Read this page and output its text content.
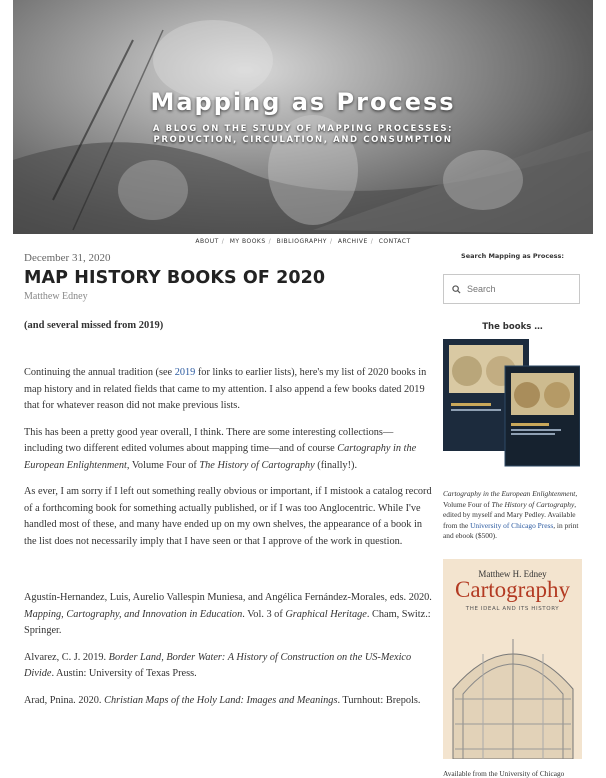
Mapping as Process
A BLOG ON THE STUDY OF MAPPING PROCESSES:
PRODUCTION, CIRCULATION, AND CONSUMPTION
ABOUT / MY BOOKS / BIBLIOGRAPHY / ARCHIVE / CONTACT

December 31, 2020

MAP HISTORY BOOKS OF 2020

Matthew Edney

(and several missed from 2019)

Continuing the annual tradition (see 2019 for links to earlier lists), here's my list of 2020 books in map history and in related fields that came to my attention. I also append a few books dated 2019 that for whatever reason did not make previous lists.

This has been a pretty good year overall, I think. There are some interesting collections—including two different edited volumes about mapping time—and of course Cartography in the European Enlightenment, Volume Four of The History of Cartography (finally!).

As ever, I am sorry if I left out something really obvious or important, if I mistook a catalog record of a forthcoming book for something actually published, or if I was too Anglocentric. While I've handled most of these, and many have ended up on my own shelves, the appearance of a book in the list does not necessarily imply that I have seen or that I approve of the work in question.

Agustín-Hernandez, Luis, Aurelio Vallespin Muniesa, and Angélica Fernández-Morales, eds. 2020. Mapping, Cartography, and Innovation in Education. Vol. 3 of Graphical Heritage. Cham, Switz.: Springer.

Alvarez, C. J. 2019. Border Land, Border Water: A History of Construction on the US-Mexico Divide. Austin: University of Texas Press.

Arad, Pnina. 2020. Christian Maps of the Holy Land: Images and Meanings. Turnhout: Brepols.

Search Mapping as Process:

Search
The books …
Cartography in the European Enlightenment, Volume Four of The History of Cartography, edited by myself and Mary Pedley. Available from the University of Chicago Press, in print and ebook ($500).
Matthew H. Edney
Cartography
THE IDEAL AND ITS HISTORY
Available from the University of Chicago
